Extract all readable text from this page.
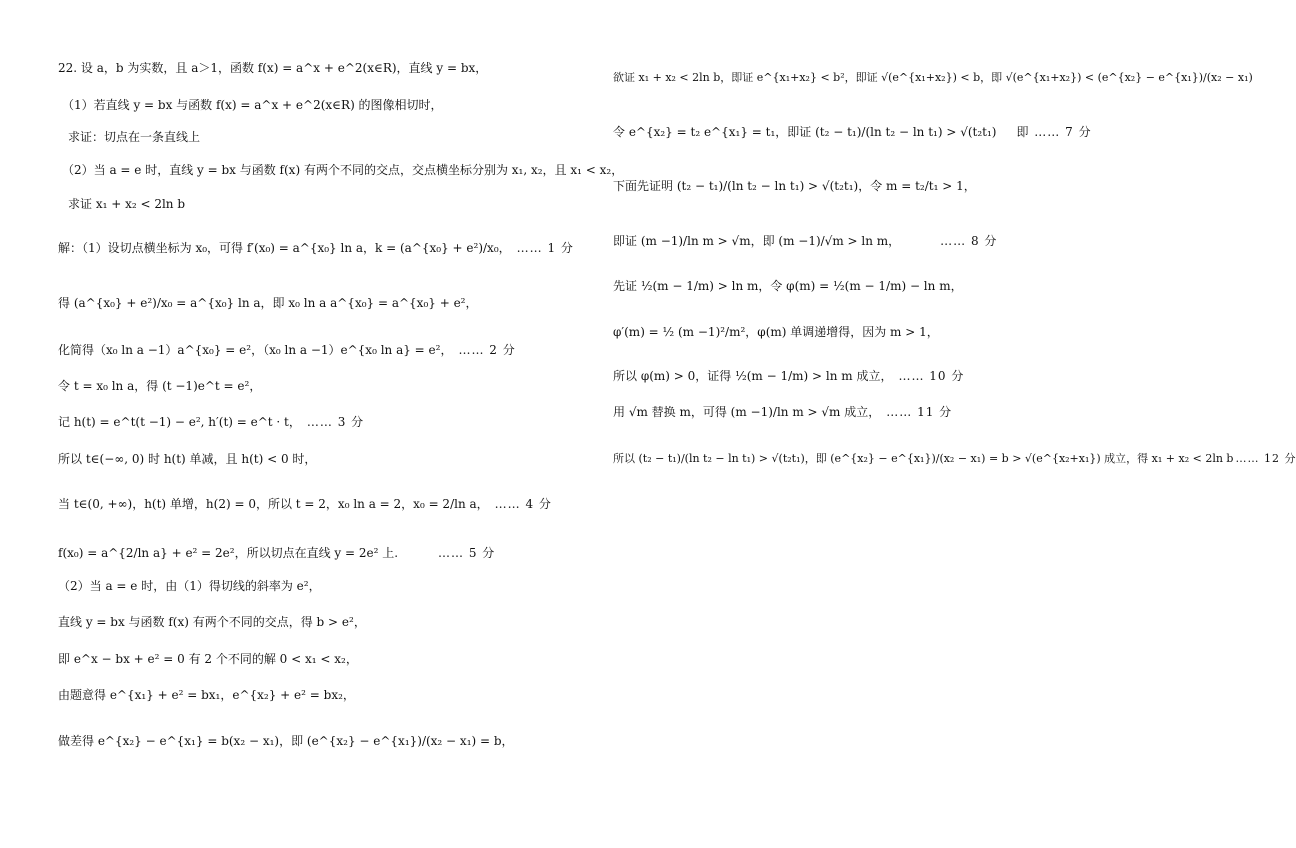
22. 设 a，b 为实数，且 a＞1，函数 f(x) = a^x + e^2(x∈R)，直线 y = bx，
（1）若直线 y = bx 与函数 f(x) = a^x + e^2(x∈R) 的图像相切时，
求证：切点在一条直线上
（2）当 a = e 时，直线 y = bx 与函数 f(x) 有两个不同的交点，交点横坐标分别为 x₁, x₂，且 x₁ < x₂，
求证 x₁ + x₂ < 2ln b
解：（1）设切点横坐标为 x₀，可得 f′(x₀) = a^{x₀} ln a，k = (a^{x₀} + e²)/x₀， …… 1 分
得 (a^{x₀} + e²)/x₀ = a^{x₀} ln a，即 x₀ ln a a^{x₀} = a^{x₀} + e²，
化简得（x₀ ln a −1）a^{x₀} = e²，（x₀ ln a −1）e^{x₀ ln a} = e²， …… 2 分
令 t = x₀ ln a，得 (t −1)e^t = e²，
记 h(t) = e^t(t −1) − e², h′(t) = e^t · t， …… 3 分
所以 t∈(−∞, 0) 时 h(t) 单减，且 h(t) < 0 时，
当 t∈(0, +∞)，h(t) 单增，h(2) = 0，所以 t = 2，x₀ ln a = 2，x₀ = 2/ln a， …… 4 分
f(x₀) = a^{2/ln a} + e² = 2e²，所以切点在直线 y = 2e² 上.	…… 5 分
（2）当 a = e 时，由（1）得切线的斜率为 e²，
直线 y = bx 与函数 f(x) 有两个不同的交点，得 b > e²，
即 e^x − bx + e² = 0 有 2 个不同的解 0 < x₁ < x₂，
由题意得 e^{x₁} + e² = bx₁，e^{x₂} + e² = bx₂，
做差得 e^{x₂} − e^{x₁} = b(x₂ − x₁)，即 (e^{x₂} − e^{x₁})/(x₂ − x₁) = b，
欲证 x₁ + x₂ < 2ln b，即证 e^{x₁+x₂} < b²，即证 √(e^{x₁+x₂}) < b，即 √(e^{x₁+x₂}) < (e^{x₂} − e^{x₁})/(x₂ − x₁)
令 e^{x₂} = t₂ e^{x₁} = t₁，即证 (t₂ − t₁)/(ln t₂ − ln t₁) > √(t₂t₁) 即 …… 7 分
下面先证明 (t₂ − t₁)/(ln t₂ − ln t₁) > √(t₂t₁)，令 m = t₂/t₁ > 1，
即证 (m −1)/ln m > √m，即 (m −1)/√m > ln m，	…… 8 分
先证 ½(m − 1/m) > ln m，令 φ(m) = ½(m − 1/m) − ln m，
φ′(m) = ½ (m −1)²/m²，φ(m) 单调递增得，因为 m > 1，
所以 φ(m) > 0，证得 ½(m − 1/m) > ln m 成立， …… 10 分
用 √m 替换 m，可得 (m −1)/ln m > √m 成立， …… 11 分
所以 (t₂ − t₁)/(ln t₂ − ln t₁) > √(t₂t₁)，即 (e^{x₂} − e^{x₁})/(x₂ − x₁) = b > √(e^{x₂+x₁}) 成立，得 x₁ + x₂ < 2ln b …… 12 分
